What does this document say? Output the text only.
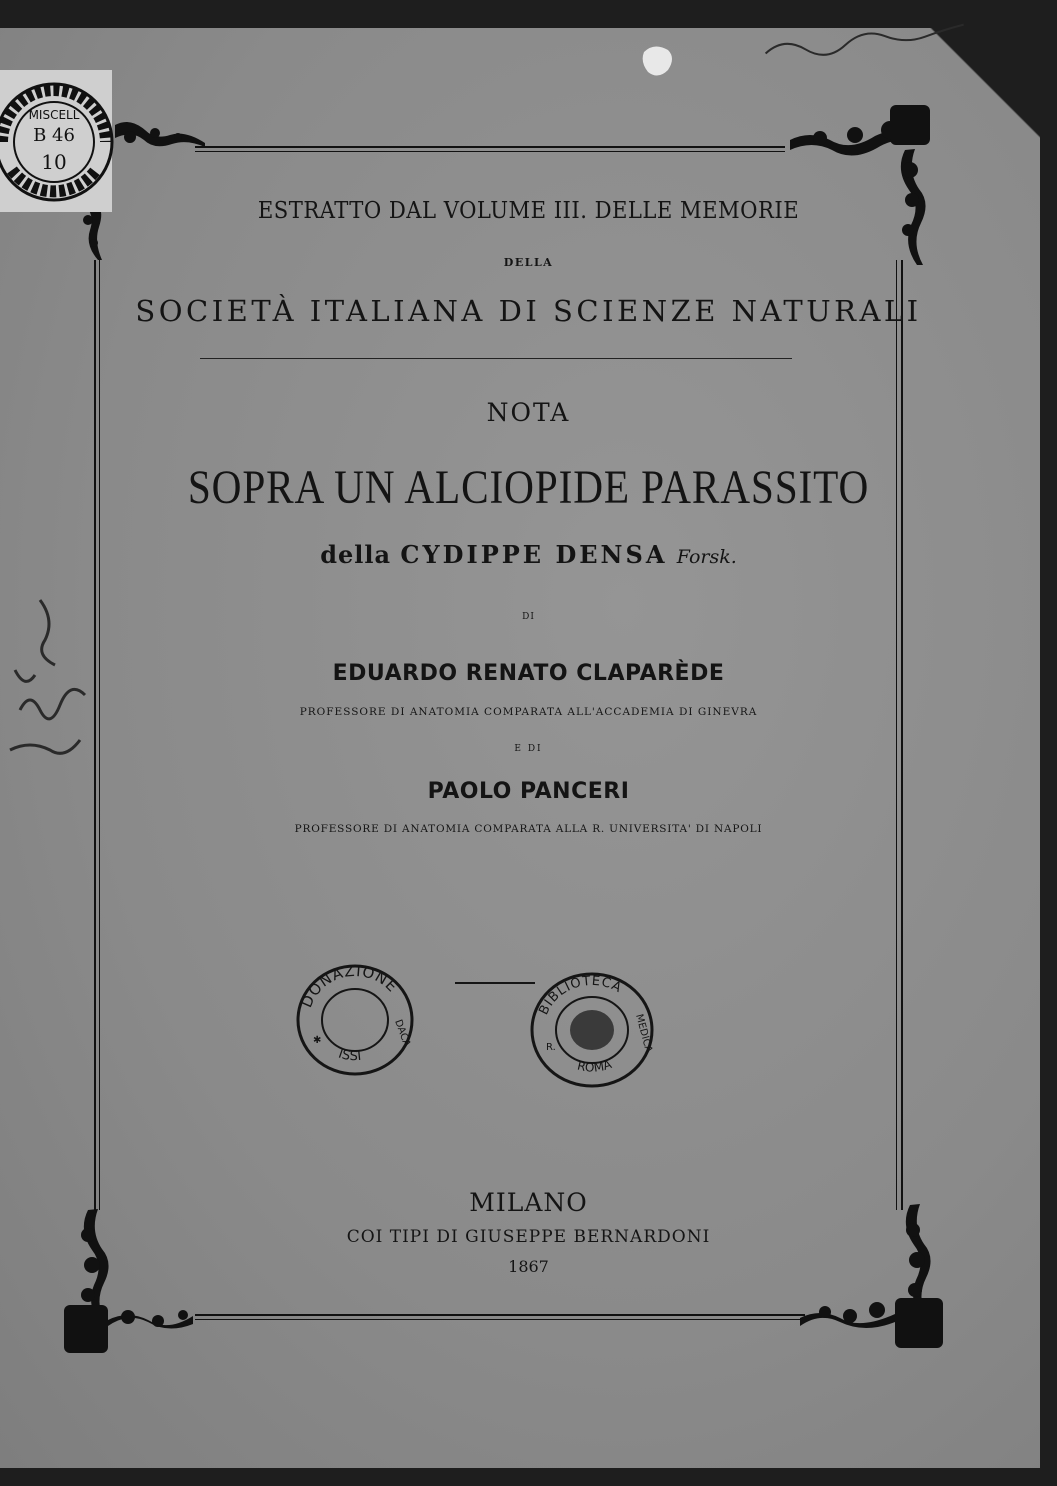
MISCELL
B 46
10
ESTRATTO DAL VOLUME III. DELLE MEMORIE
DELLA
SOCIETÀ ITALIANA DI SCIENZE NATURALI
NOTA
SOPRA UN ALCIOPIDE PARASSITO
della CYDIPPE DENSA Forsk.
DI
EDUARDO RENATO CLAPARÈDE
PROFESSORE DI ANATOMIA COMPARATA ALL'ACCADEMIA DI GINEVRA
E DI
PAOLO PANCERI
PROFESSORE DI ANATOMIA COMPARATA ALLA R. UNIVERSITA' DI NAPOLI
DONAZIONE
ISSI
DACA
✱
BIBLIOTECA
ROMA
MEDICA
R.
MILANO
COI TIPI DI GIUSEPPE BERNARDONI
1867
